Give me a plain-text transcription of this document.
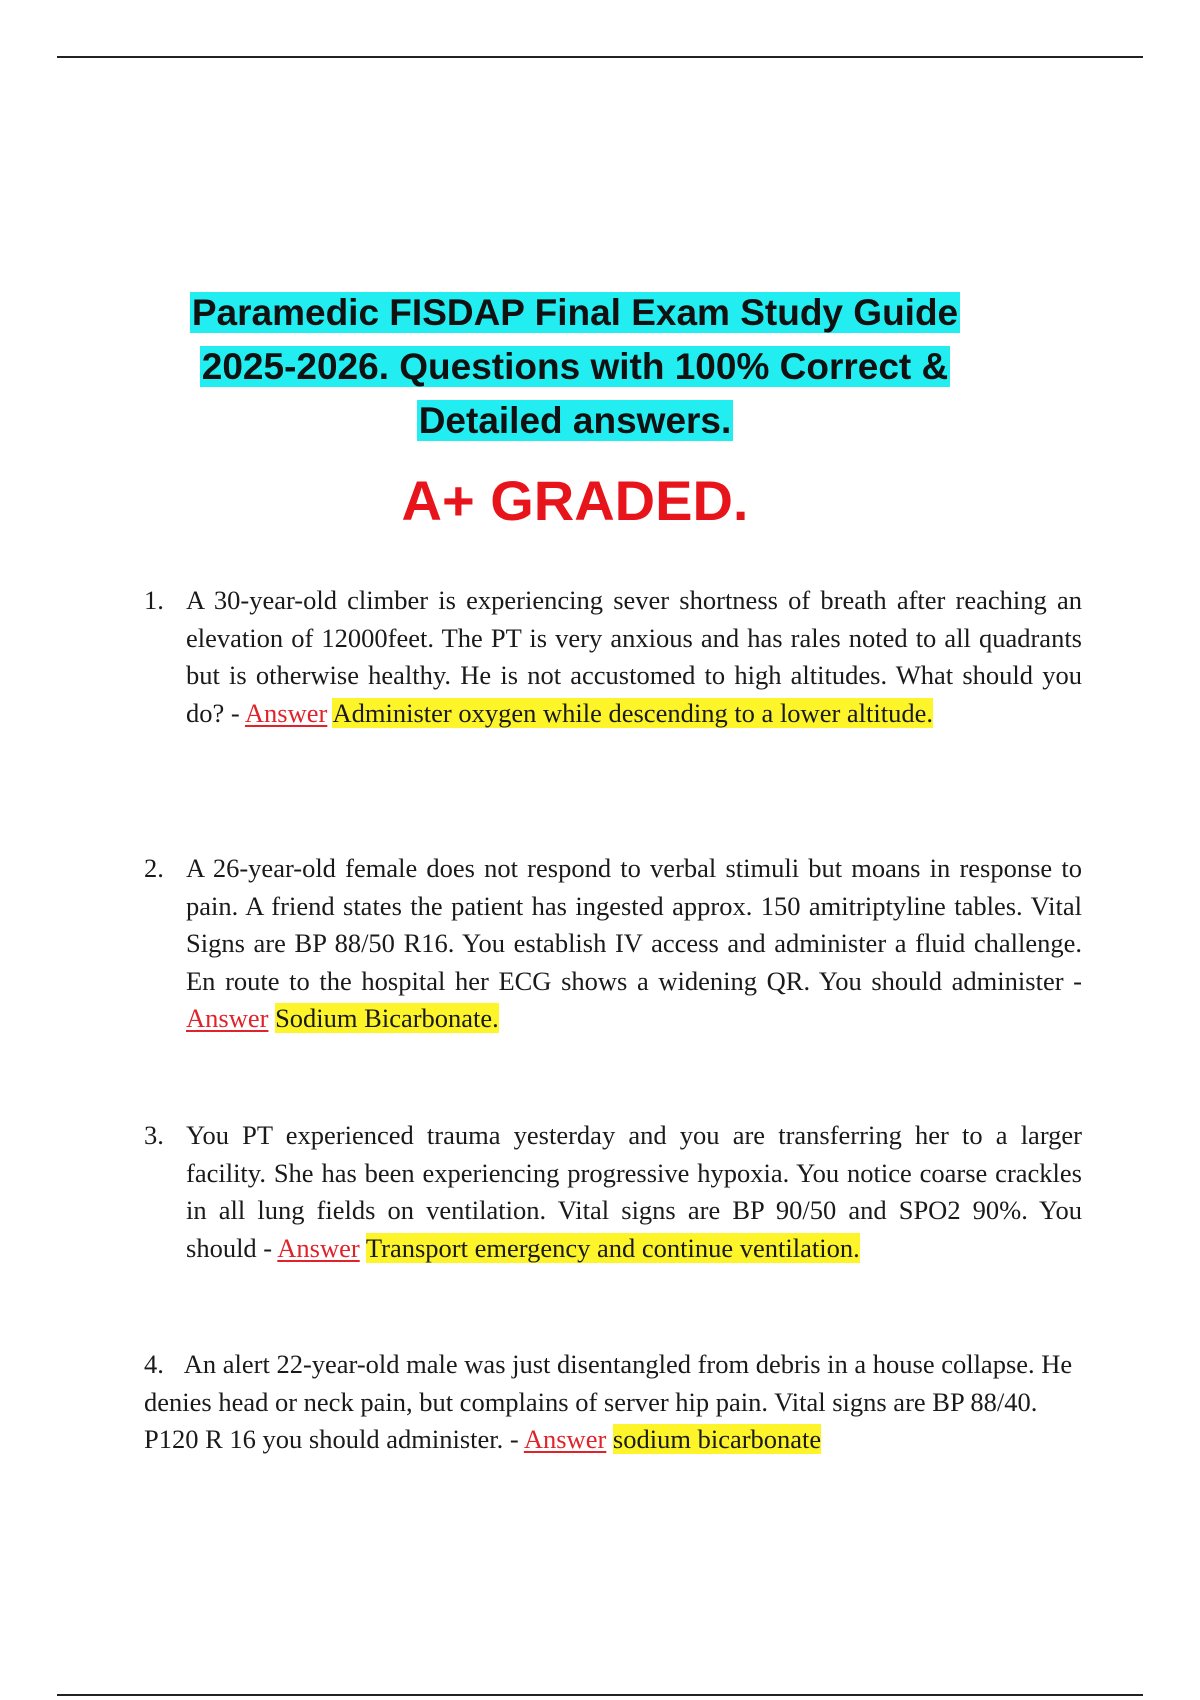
Paramedic FISDAP Final Exam Study Guide
2025-2026. Questions with 100% Correct &
Detailed answers.
A+ GRADED.
1. A 30-year-old climber is experiencing sever shortness of breath after reaching an elevation of 12000feet. The PT is very anxious and has rales noted to all quadrants but is otherwise healthy. He is not accustomed to high altitudes. What should you do? - Answer Administer oxygen while descending to a lower altitude.
2. A 26-year-old female does not respond to verbal stimuli but moans in response to pain. A friend states the patient has ingested approx. 150 amitriptyline tables. Vital Signs are BP 88/50 R16. You establish IV access and administer a fluid challenge. En route to the hospital her ECG shows a widening QR. You should administer - Answer Sodium Bicarbonate.
3. You PT experienced trauma yesterday and you are transferring her to a larger facility. She has been experiencing progressive hypoxia. You notice coarse crackles in all lung fields on ventilation. Vital signs are BP 90/50 and SPO2 90%. You should - Answer Transport emergency and continue ventilation.
4. An alert 22-year-old male was just disentangled from debris in a house collapse. He denies head or neck pain, but complains of server hip pain. Vital signs are BP 88/40. P120 R 16 you should administer. - Answer sodium bicarbonate
